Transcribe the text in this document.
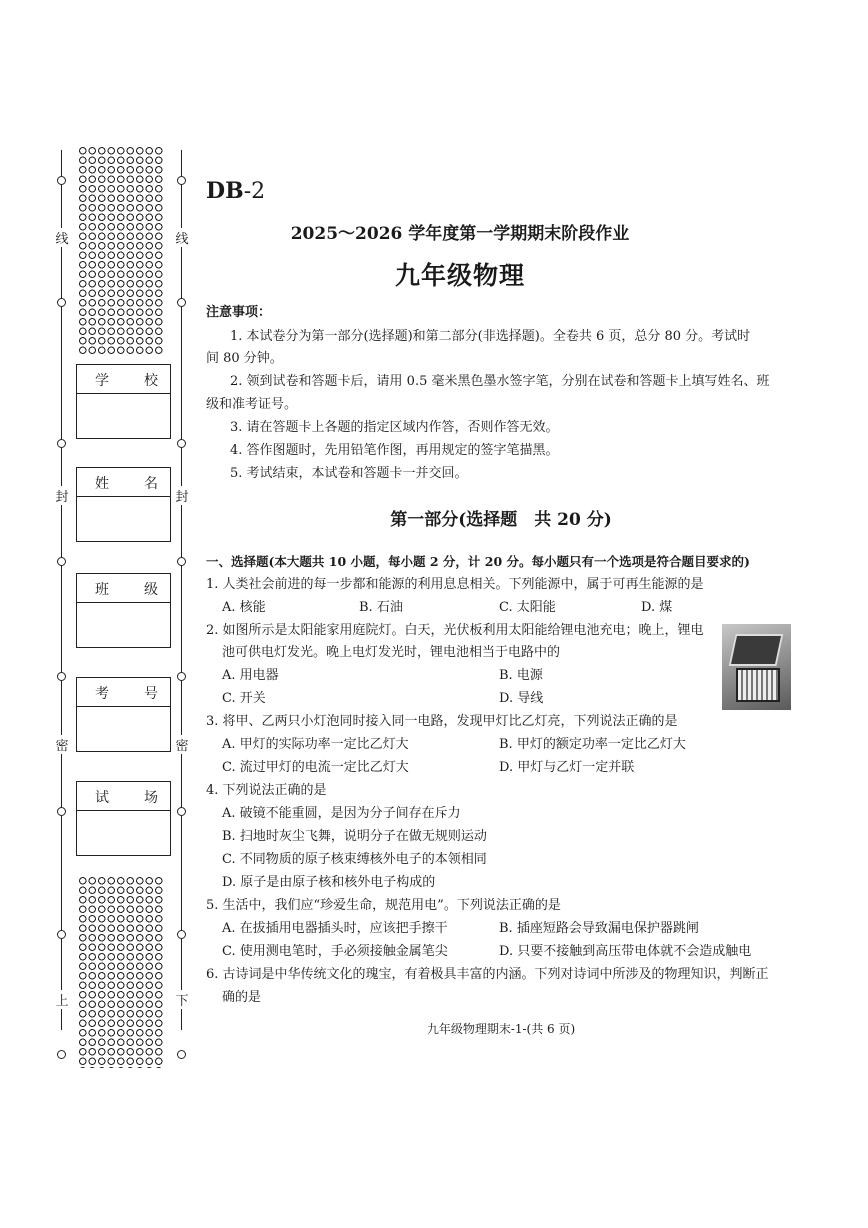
线
封
密
上
线
封
密
下
学	校
姓	名
班	级
考	号
试	场
DB-2
2025～2026 学年度第一学期期末阶段作业
九年级物理
注意事项：
1. 本试卷分为第一部分(选择题)和第二部分(非选择题)。全卷共 6 页，总分 80 分。考试时
间 80 分钟。
2. 领到试卷和答题卡后，请用 0.5 毫米黑色墨水签字笔，分别在试卷和答题卡上填写姓名、班
级和准考证号。
3. 请在答题卡上各题的指定区域内作答，否则作答无效。
4. 答作图题时，先用铅笔作图，再用规定的签字笔描黑。
5. 考试结束，本试卷和答题卡一并交回。
第一部分(选择题　共 20 分)
一、选择题(本大题共 10 小题，每小题 2 分，计 20 分。每小题只有一个选项是符合题目要求的)
1. 人类社会前进的每一步都和能源的利用息息相关。下列能源中，属于可再生能源的是
A. 核能	B. 石油	C. 太阳能	D. 煤
2. 如图所示是太阳能家用庭院灯。白天，光伏板利用太阳能给锂电池充电；晚上，锂电
池可供电灯发光。晚上电灯发光时，锂电池相当于电路中的
A. 用电器	B. 电源
C. 开关	D. 导线
3. 将甲、乙两只小灯泡同时接入同一电路，发现甲灯比乙灯亮，下列说法正确的是
A. 甲灯的实际功率一定比乙灯大	B. 甲灯的额定功率一定比乙灯大
C. 流过甲灯的电流一定比乙灯大	D. 甲灯与乙灯一定并联
4. 下列说法正确的是
A. 破镜不能重圆，是因为分子间存在斥力
B. 扫地时灰尘飞舞，说明分子在做无规则运动
C. 不同物质的原子核束缚核外电子的本领相同
D. 原子是由原子核和核外电子构成的
5. 生活中，我们应“珍爱生命，规范用电”。下列说法正确的是
A. 在拔插用电器插头时，应该把手擦干	B. 插座短路会导致漏电保护器跳闸
C. 使用测电笔时，手必须接触金属笔尖	D. 只要不接触到高压带电体就不会造成触电
6. 古诗词是中华传统文化的瑰宝，有着极具丰富的内涵。下列对诗词中所涉及的物理知识，判断正
确的是
九年级物理期末-1-(共 6 页)
